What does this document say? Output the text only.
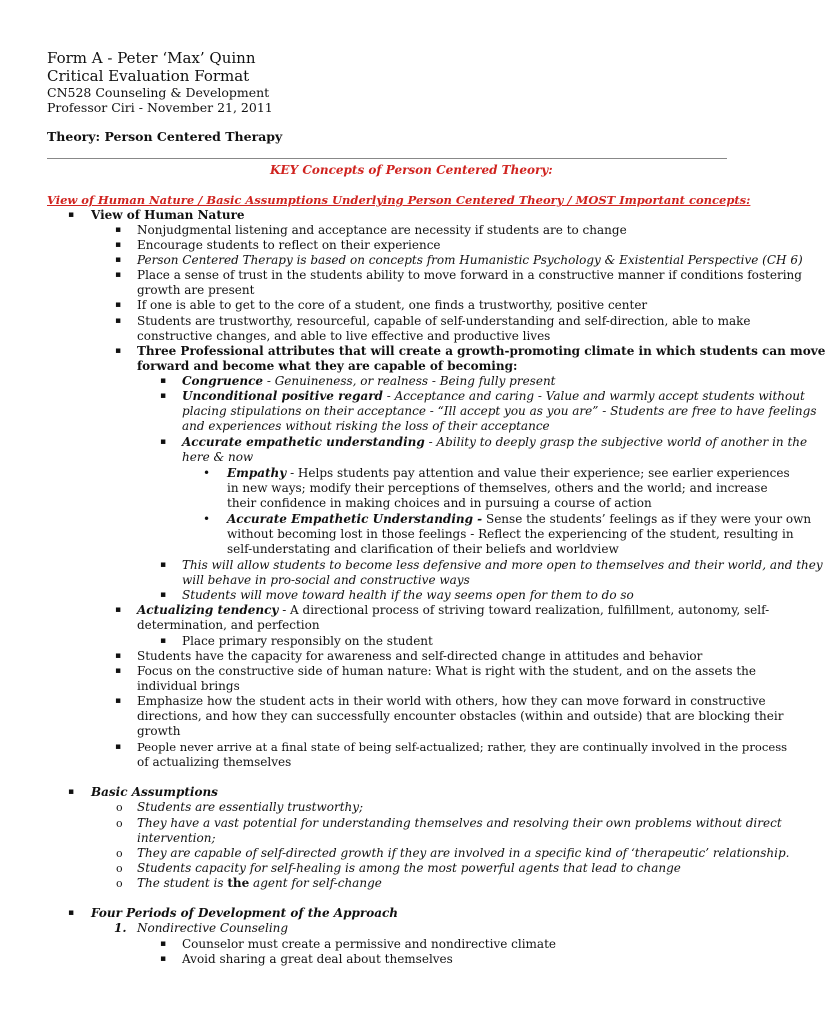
Form A - Peter ‘Max’ Quinn
Critical Evaluation Format
CN528 Counseling & Development
Professor Ciri - November 21, 2011
Theory: Person Centered Therapy
KEY Concepts of Person Centered Theory:
View of Human Nature / Basic Assumptions Underlying Person Centered Theory / MOST Important concepts:
▪ View of Human Nature
▪ Nonjudgmental listening and acceptance are necessity if students are to change
▪ Encourage students to reflect on their experience
▪ Person Centered Therapy is based on concepts from Humanistic Psychology & Existential Perspective (CH 6)
▪ Place a sense of trust in the students ability to move forward in a constructive manner if conditions fostering
growth are present
▪ If one is able to get to the core of a student, one finds a trustworthy, positive center
▪ Students are trustworthy, resourceful, capable of self-understanding and self-direction, able to make
constructive changes, and able to live effective and productive lives
▪ Three Professional attributes that will create a growth-promoting climate in which students can move
forward and become what they are capable of becoming:
▪ Congruence - Genuineness, or realness - Being fully present
▪ Unconditional positive regard - Acceptance and caring - Value and warmly accept students without
placing stipulations on their acceptance - “Ill accept you as you are” - Students are free to have feelings
and experiences without risking the loss of their acceptance
▪ Accurate empathetic understanding - Ability to deeply grasp the subjective world of another in the
here & now
• Empathy - Helps students pay attention and value their experience; see earlier experiences
in new ways; modify their perceptions of themselves, others and the world; and increase
their confidence in making choices and in pursuing a course of action
• Accurate Empathetic Understanding - Sense the students’ feelings as if they were your own
without becoming lost in those feelings - Reflect the experiencing of the student, resulting in
self-understating and clarification of their beliefs and worldview
▪ This will allow students to become less defensive and more open to themselves and their world, and they
will behave in pro-social and constructive ways
▪ Students will move toward health if the way seems open for them to do so
▪ Actualizing tendency - A directional process of striving toward realization, fulfillment, autonomy, self-
determination, and perfection
▪ Place primary responsibly on the student
▪ Students have the capacity for awareness and self-directed change in attitudes and behavior
▪ Focus on the constructive side of human nature: What is right with the student, and on the assets the
individual brings
▪ Emphasize how the student acts in their world with others, how they can move forward in constructive
directions, and how they can successfully encounter obstacles (within and outside) that are blocking their
growth
▪ People never arrive at a final state of being self-actualized; rather, they are continually involved in the process
of actualizing themselves
▪ Basic Assumptions
o Students are essentially trustworthy;
o They have a vast potential for understanding themselves and resolving their own problems without direct
intervention;
o They are capable of self-directed growth if they are involved in a specific kind of ‘therapeutic’ relationship.
o Students capacity for self-healing is among the most powerful agents that lead to change
o The student is the agent for self-change
▪ Four Periods of Development of the Approach
1. Nondirective Counseling
▪ Counselor must create a permissive and nondirective climate
▪ Avoid sharing a great deal about themselves
